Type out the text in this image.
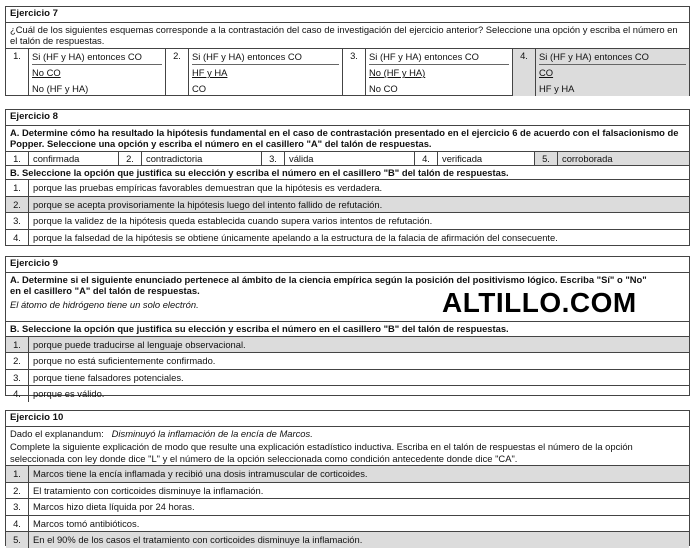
Ejercicio 7
¿Cuál de los siguientes esquemas corresponde a la contrastación del caso de investigación del ejercicio anterior? Seleccione una opción y escriba el número en el talón de respuestas.
1.	Si (HF y HA) entonces CO
No CO
No (HF y HA)
2.	Si (HF y HA) entonces CO
HF y HA
CO
3.	Si (HF y HA) entonces CO
No (HF y HA)
No CO
4.	Si (HF y HA) entonces CO
CO
HF y HA
Ejercicio 8
A. Determine cómo ha resultado la hipótesis fundamental en el caso de contrastación presentado en el ejercicio 6 de acuerdo con el falsacionismo de Popper. Seleccione una opción y escriba el número en el casillero "A" del talón de respuestas.
1.	confirmada	2.	contradictoria	3.	válida	4.	verificada	5.	corroborada
B. Seleccione la opción que justifica su elección y escriba el número en el casillero "B" del talón de respuestas.
1.	porque las pruebas empíricas favorables demuestran que la hipótesis es verdadera.
2.	porque se acepta provisoriamente la hipótesis luego del intento fallido de refutación.
3.	porque la validez de la hipótesis queda establecida cuando supera varios intentos de refutación.
4.	porque la falsedad de la hipótesis se obtiene únicamente apelando a la estructura de la falacia de afirmación del consecuente.
Ejercicio 9
A. Determine si el siguiente enunciado pertenece al ámbito de la ciencia empírica según la posición del positivismo lógico. Escriba "Sí" o "No" en el casillero "A" del talón de respuestas.
El átomo de hidrógeno tiene un solo electrón.
B. Seleccione la opción que justifica su elección y escriba el número en el casillero "B" del talón de respuestas.
1.	porque puede traducirse al lenguaje observacional.
2.	porque no está suficientemente confirmado.
3.	porque tiene falsadores potenciales.
4.	porque es válido.
ALTILLO.COM
Ejercicio 10
Dado el explanandum: Disminuyó la inflamación de la encía de Marcos.
Complete la siguiente explicación de modo que resulte una explicación estadístico inductiva. Escriba en el talón de respuestas el número de la opción seleccionada con ley donde dice "L" y el número de la opción seleccionada como condición antecedente donde dice "CA".
1.	Marcos tiene la encía inflamada y recibió una dosis intramuscular de corticoides.
2.	El tratamiento con corticoides disminuye la inflamación.
3.	Marcos hizo dieta líquida por 24 horas.
4.	Marcos tomó antibióticos.
5.	En el 90% de los casos el tratamiento con corticoides disminuye la inflamación.
